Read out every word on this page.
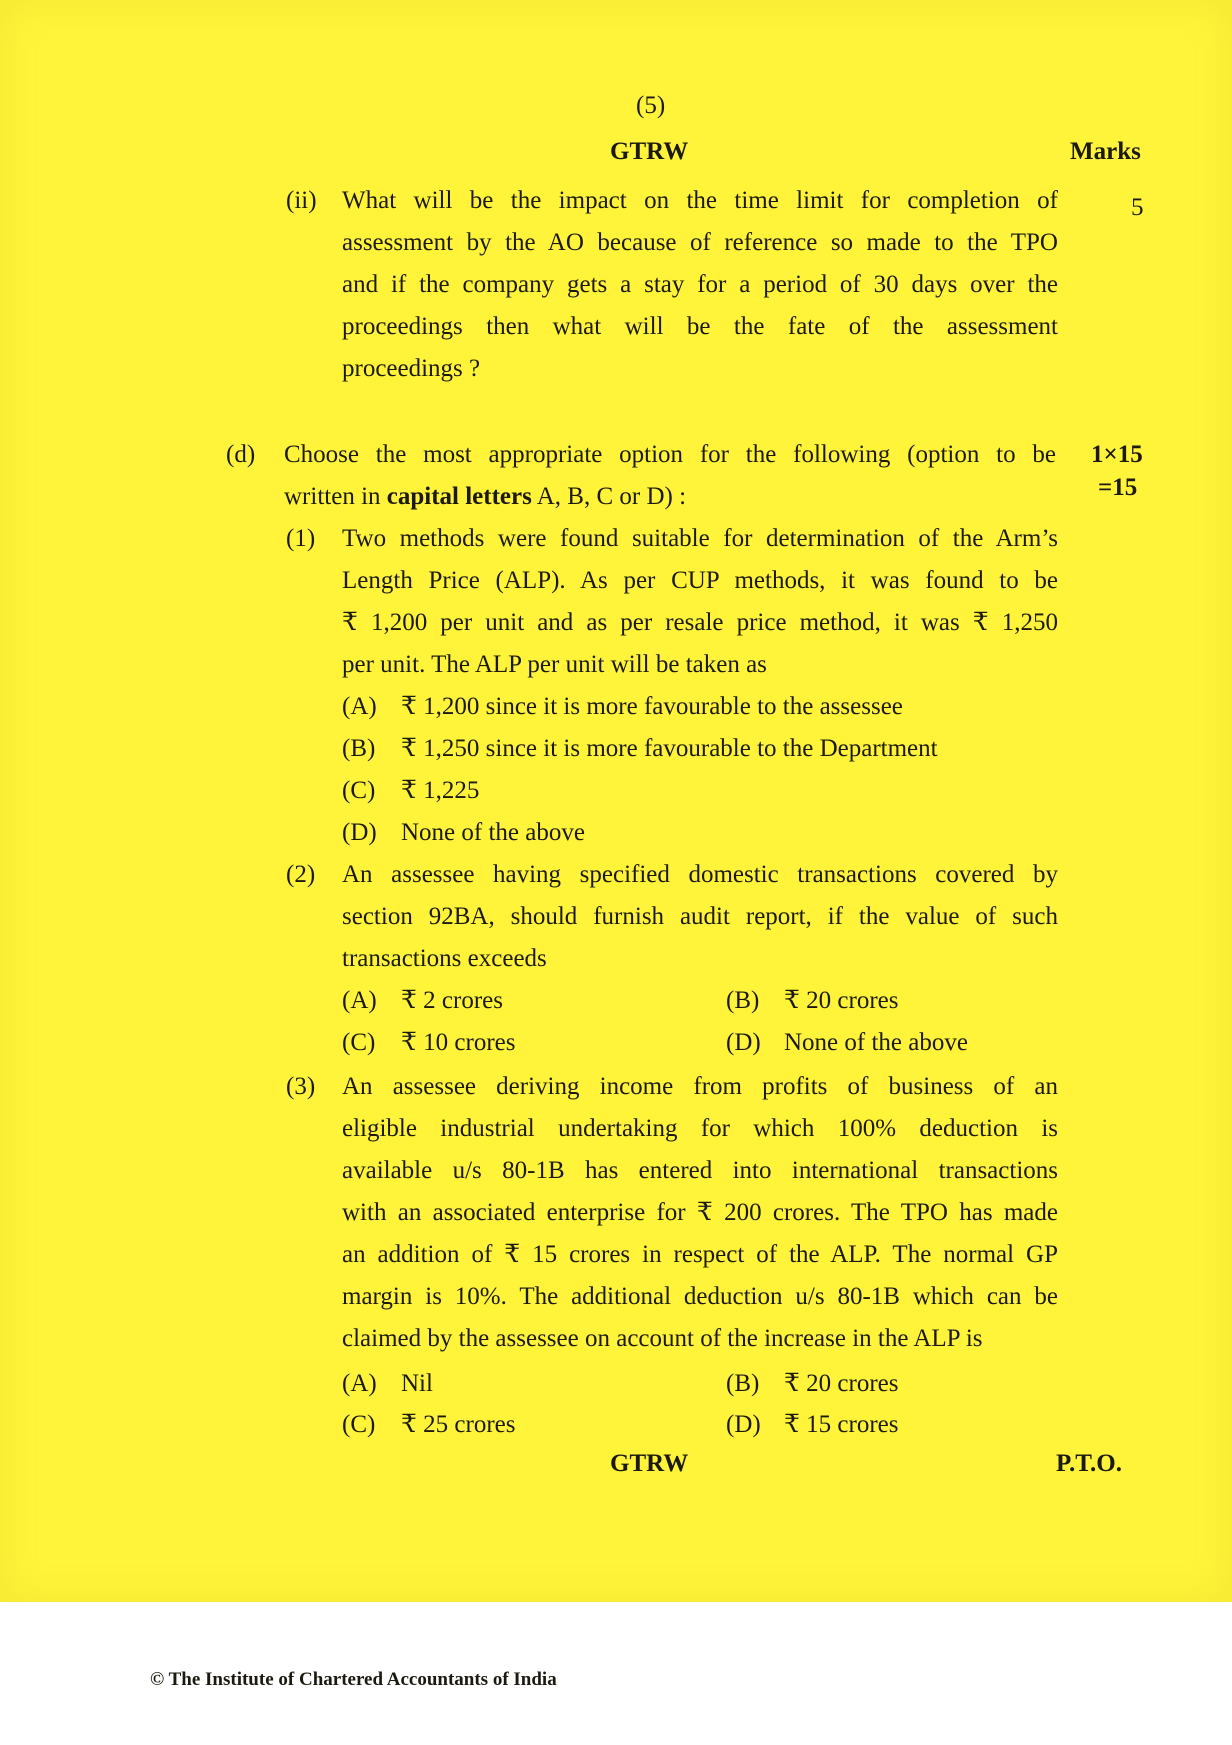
(5)
GTRW	Marks
(ii)	5
What will be the impact on the time limit for completion of
assessment by the AO because of reference so made to the TPO
and if the company gets a stay for a period of 30 days over the
proceedings then what will be the fate of the assessment
proceedings ?
(d)	1×15
=15
Choose the most appropriate option for the following (option to be
written in capital letters A, B, C or D) :
(1) Two methods were found suitable for determination of the Arm’s
Length Price (ALP). As per CUP methods, it was found to be
₹ 1,200 per unit and as per resale price method, it was ₹ 1,250
per unit. The ALP per unit will be taken as
(A) ₹ 1,200 since it is more favourable to the assessee
(B) ₹ 1,250 since it is more favourable to the Department
(C) ₹ 1,225
(D) None of the above
(2) An assessee having specified domestic transactions covered by
section 92BA, should furnish audit report, if the value of such
transactions exceeds
(A) ₹ 2 crores	(B) ₹ 20 crores
(C) ₹ 10 crores	(D) None of the above
(3) An assessee deriving income from profits of business of an
eligible industrial undertaking for which 100% deduction is
available u/s 80-1B has entered into international transactions
with an associated enterprise for ₹ 200 crores. The TPO has made
an addition of ₹ 15 crores in respect of the ALP. The normal GP
margin is 10%. The additional deduction u/s 80-1B which can be
claimed by the assessee on account of the increase in the ALP is
(A) Nil	(B) ₹ 20 crores
(C) ₹ 25 crores	(D) ₹ 15 crores
GTRW	P.T.O.
© The Institute of Chartered Accountants of India
